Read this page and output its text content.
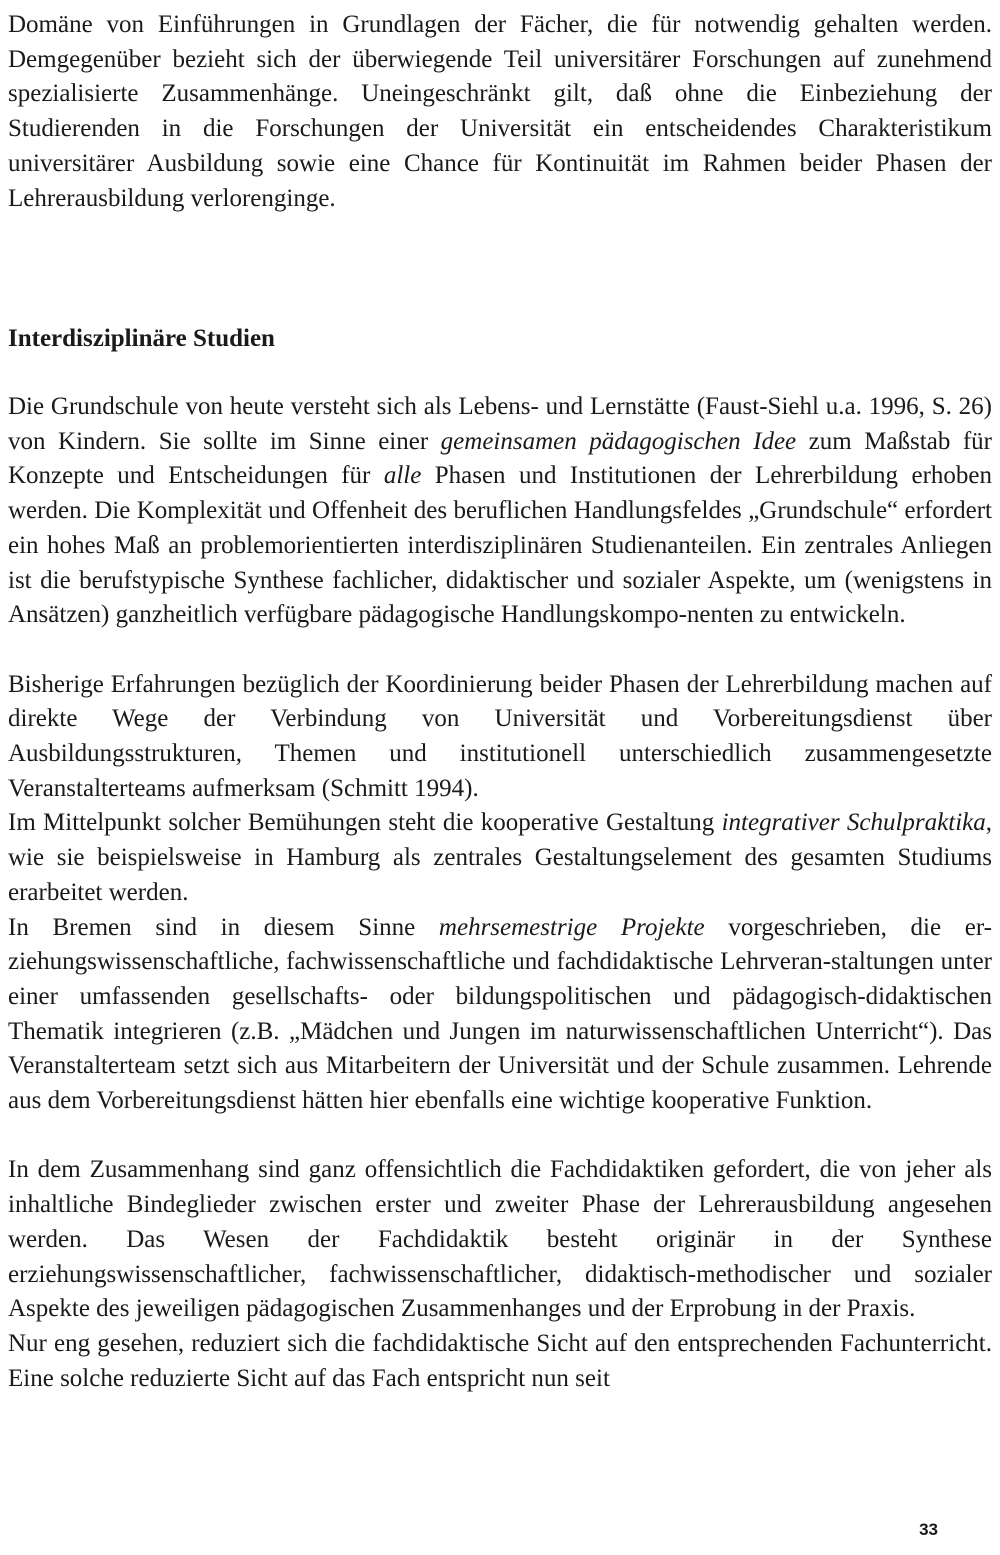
Domäne von Einführungen in Grundlagen der Fächer, die für notwendig gehalten werden. Demgegenüber bezieht sich der überwiegende Teil universitärer Forschungen auf zunehmend spezialisierte Zusammenhänge. Uneingeschränkt gilt, daß ohne die Einbeziehung der Studierenden in die Forschungen der Universität ein entscheidendes Charakteristikum universitärer Ausbildung sowie eine Chance für Kontinuität im Rahmen beider Phasen der Lehrerausbildung verlorenginge.

Interdisziplinäre Studien

Die Grundschule von heute versteht sich als Lebens- und Lernstätte (Faust-Siehl u.a. 1996, S. 26) von Kindern. Sie sollte im Sinne einer gemeinsamen pädagogischen Idee zum Maßstab für Konzepte und Entscheidungen für alle Phasen und Institutionen der Lehrerbildung erhoben werden. Die Komplexität und Offenheit des beruflichen Handlungsfeldes „Grundschule“ erfordert ein hohes Maß an problemorientierten interdisziplinären Studienanteilen. Ein zentrales Anliegen ist die berufstypische Synthese fachlicher, didaktischer und sozialer Aspekte, um (wenigstens in Ansätzen) ganzheitlich verfügbare pädagogische Handlungskompo-nenten zu entwickeln.

Bisherige Erfahrungen bezüglich der Koordinierung beider Phasen der Lehrerbildung machen auf direkte Wege der Verbindung von Universität und Vorbereitungsdienst über Ausbildungsstrukturen, Themen und institutionell unterschiedlich zusammengesetzte Veranstalterteams aufmerksam (Schmitt 1994).

Im Mittelpunkt solcher Bemühungen steht die kooperative Gestaltung integrativer Schulpraktika, wie sie beispielsweise in Hamburg als zentrales Gestaltungselement des gesamten Studiums erarbeitet werden.

In Bremen sind in diesem Sinne mehrsemestrige Projekte vorgeschrieben, die er-ziehungswissenschaftliche, fachwissenschaftliche und fachdidaktische Lehrveran-staltungen unter einer umfassenden gesellschafts- oder bildungspolitischen und pädagogisch-didaktischen Thematik integrieren (z.B. „Mädchen und Jungen im naturwissenschaftlichen Unterricht“). Das Veranstalterteam setzt sich aus Mitarbeitern der Universität und der Schule zusammen. Lehrende aus dem Vorbereitungsdienst hätten hier ebenfalls eine wichtige kooperative Funktion.

In dem Zusammenhang sind ganz offensichtlich die Fachdidaktiken gefordert, die von jeher als inhaltliche Bindeglieder zwischen erster und zweiter Phase der Lehrerausbildung angesehen werden. Das Wesen der Fachdidaktik besteht originär in der Synthese erziehungswissenschaftlicher, fachwissenschaftlicher, didaktisch-methodischer und sozialer Aspekte des jeweiligen pädagogischen Zusammenhanges und der Erprobung in der Praxis.

Nur eng gesehen, reduziert sich die fachdidaktische Sicht auf den entsprechenden Fachunterricht. Eine solche reduzierte Sicht auf das Fach entspricht nun seit

33
